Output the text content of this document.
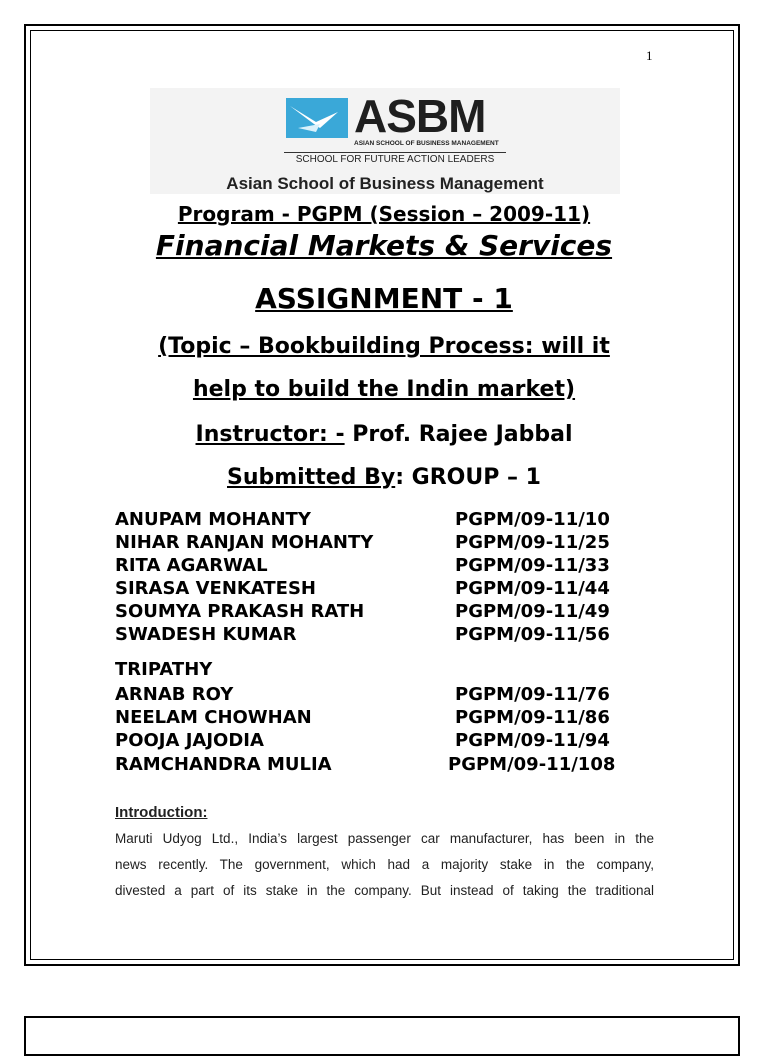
1
ASBM
ASIAN SCHOOL OF BUSINESS MANAGEMENT
SCHOOL FOR FUTURE ACTION LEADERS
Asian School of Business Management
Program - PGPM (Session – 2009-11)
Financial Markets & Services
ASSIGNMENT - 1
(Topic – Bookbuilding Process: will it
help to build the Indin market)
Instructor: - Prof. Rajee Jabbal
Submitted By: GROUP – 1
ANUPAM MOHANTY	PGPM/09-11/10
NIHAR RANJAN MOHANTY	PGPM/09-11/25
RITA AGARWAL	PGPM/09-11/33
SIRASA VENKATESH	PGPM/09-11/44
SOUMYA PRAKASH RATH	PGPM/09-11/49
SWADESH KUMAR	PGPM/09-11/56
TRIPATHY
ARNAB ROY	PGPM/09-11/76
NEELAM CHOWHAN	PGPM/09-11/86
POOJA JAJODIA	PGPM/09-11/94
RAMCHANDRA MULIA	PGPM/09-11/108
Introduction:
Maruti Udyog Ltd., India’s largest passenger car manufacturer, has been in the
news recently. The government, which had a majority stake in the company,
divested a part of its stake in the company. But instead of taking the traditional
